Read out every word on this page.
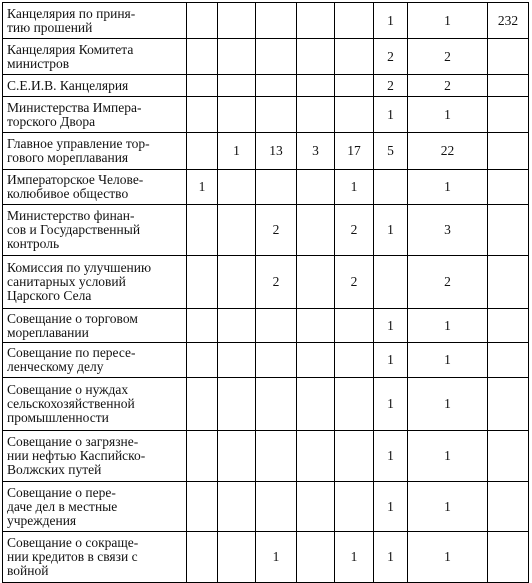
Канцелярия по приня-
тию прошений						1	1	232

Канцелярия Комитета
министров						2	2	

С.Е.И.В. Канцелярия						2	2	

Министерства Импера-
торского Двора						1	1	

Главное управление тор-
гового мореплавания		1	13	3	17	5	22	

Императорское Челове-
колюбивое общество	1				1		1	

Министерство финан-
сов и Государственный
контроль			2		2	1	3	

Комиссия по улучшению
санитарных условий
Царского Села			2		2		2	

Совещание о торговом
мореплавании						1	1	

Совещание по пересе-
ленческому делу						1	1	

Совещание о нуждах
сельскохозяйственной
промышленности						1	1	

Совещание о загрязне-
нии нефтью Каспийско-
Волжских путей						1	1	

Совещание о пере-
даче дел в местные
учреждения						1	1	

Совещание о сокраще-
нии кредитов в связи с
войной			1		1	1	1	
